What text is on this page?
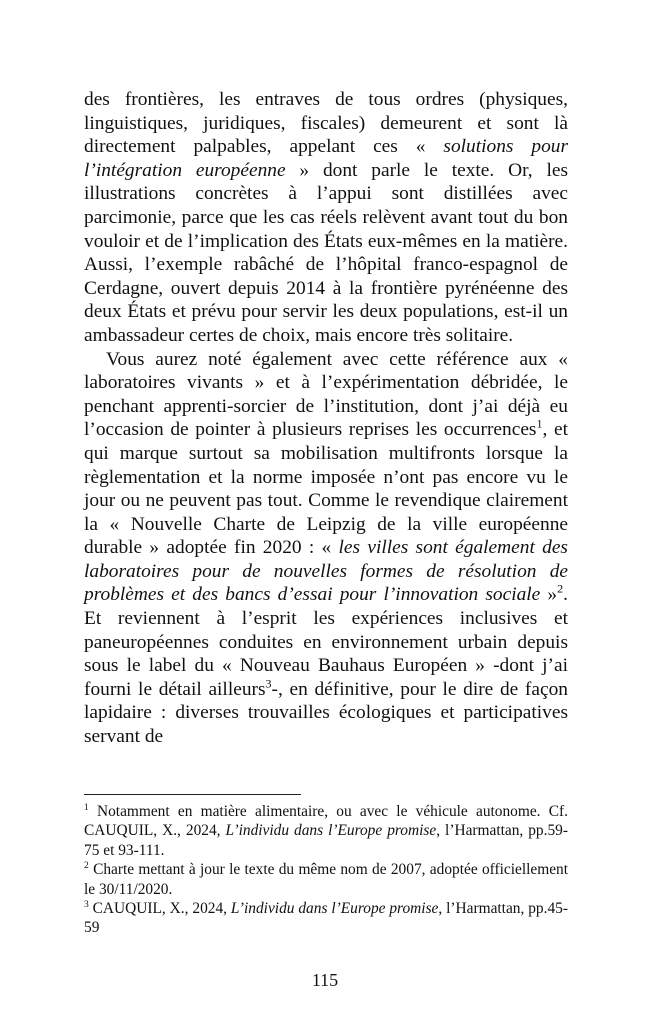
des frontières, les entraves de tous ordres (physiques, linguistiques, juridiques, fiscales) demeurent et sont là directement palpables, appelant ces « solutions pour l’intégration européenne » dont parle le texte. Or, les illustrations concrètes à l’appui sont distillées avec parcimonie, parce que les cas réels relèvent avant tout du bon vouloir et de l’implication des États eux-mêmes en la matière. Aussi, l’exemple rabâché de l’hôpital franco-espagnol de Cerdagne, ouvert depuis 2014 à la frontière pyrénéenne des deux États et prévu pour servir les deux populations, est-il un ambassadeur certes de choix, mais encore très solitaire.

Vous aurez noté également avec cette référence aux « laboratoires vivants » et à l’expérimentation débridée, le penchant apprenti-sorcier de l’institution, dont j’ai déjà eu l’occasion de pointer à plusieurs reprises les occurrences$^1$, et qui marque surtout sa mobilisation multifronts lorsque la règlementation et la norme imposée n’ont pas encore vu le jour ou ne peuvent pas tout. Comme le revendique clairement la « Nouvelle Charte de Leipzig de la ville européenne durable » adoptée fin 2020 : « les villes sont également des laboratoires pour de nouvelles formes de résolution de problèmes et des bancs d’essai pour l’innovation sociale »$^2$. Et reviennent à l’esprit les expériences inclusives et paneuropéennes conduites en environnement urbain depuis sous le label du « Nouveau Bauhaus Européen » -dont j’ai fourni le détail ailleurs$^3$-, en définitive, pour le dire de façon lapidaire : diverses trouvailles écologiques et participatives servant de

$^1$ Notamment en matière alimentaire, ou avec le véhicule autonome. Cf. CAUQUIL, X., 2024, L’individu dans l’Europe promise, l’Harmattan, pp.59-75 et 93-111.

$^2$ Charte mettant à jour le texte du même nom de 2007, adoptée officiellement le 30/11/2020.

$^3$ CAUQUIL, X., 2024, L’individu dans l’Europe promise, l’Harmattan, pp.45-59

115
